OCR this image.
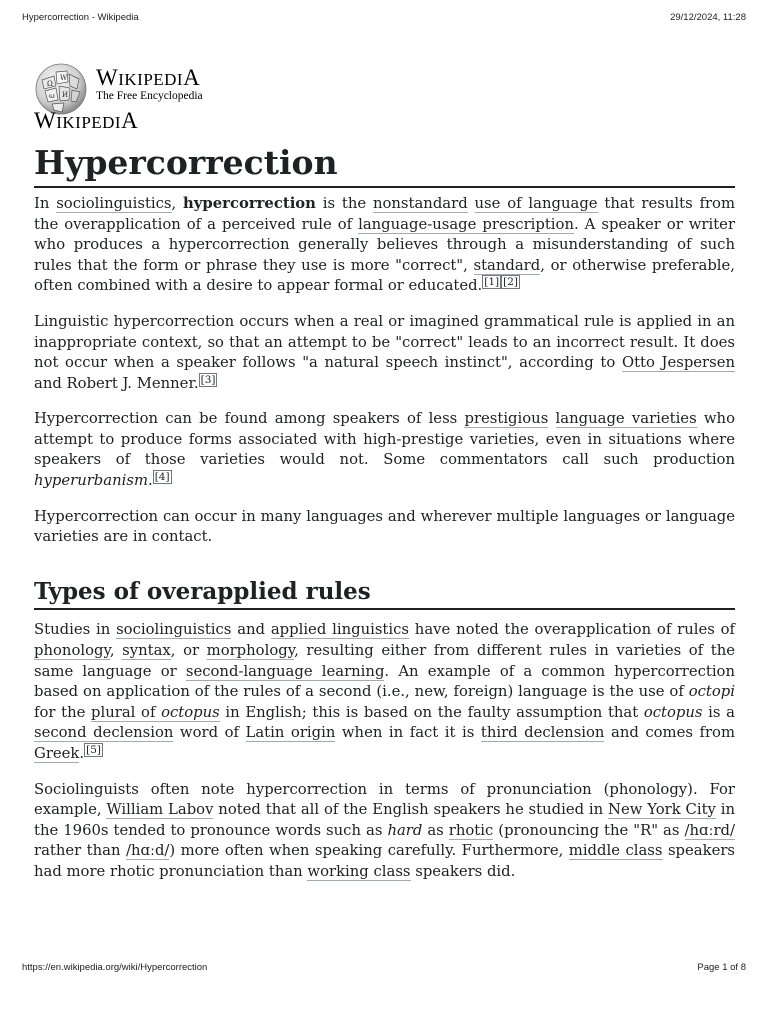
Hypercorrection - Wikipedia	29/12/2024, 11:28
Ω
W
И
ω
WIKIPEDIA
The Free Encyclopedia
WIKIPEDIA
Hypercorrection

In sociolinguistics, hypercorrection is the nonstandard use of language that results from the overapplication of a perceived rule of language-usage prescription. A speaker or writer who produces a hypercorrection generally believes through a misunderstanding of such rules that the form or phrase they use is more "correct", standard, or otherwise preferable, often combined with a desire to appear formal or educated. [1] [2]

Linguistic hypercorrection occurs when a real or imagined grammatical rule is applied in an inappropriate context, so that an attempt to be "correct" leads to an incorrect result. It does not occur when a speaker follows "a natural speech instinct", according to Otto Jespersen and Robert J. Menner. [3]

Hypercorrection can be found among speakers of less prestigious language varieties who attempt to produce forms associated with high-prestige varieties, even in situations where speakers of those varieties would not. Some commentators call such production hyperurbanism. [4]

Hypercorrection can occur in many languages and wherever multiple languages or language varieties are in contact.

Types of overapplied rules

Studies in sociolinguistics and applied linguistics have noted the overapplication of rules of phonology, syntax, or morphology, resulting either from different rules in varieties of the same language or second-language learning. An example of a common hypercorrection based on application of the rules of a second (i.e., new, foreign) language is the use of octopi for the plural of octopus in English; this is based on the faulty assumption that octopus is a second declension word of Latin origin when in fact it is third declension and comes from Greek. [5]

Sociolinguists often note hypercorrection in terms of pronunciation (phonology). For example, William Labov noted that all of the English speakers he studied in New York City in the 1960s tended to pronounce words such as hard as rhotic (pronouncing the "R" as /hɑːrd/ rather than /hɑːd/) more often when speaking carefully. Furthermore, middle class speakers had more rhotic pronunciation than working class speakers did.

https://en.wikipedia.org/wiki/Hypercorrection	Page 1 of 8
